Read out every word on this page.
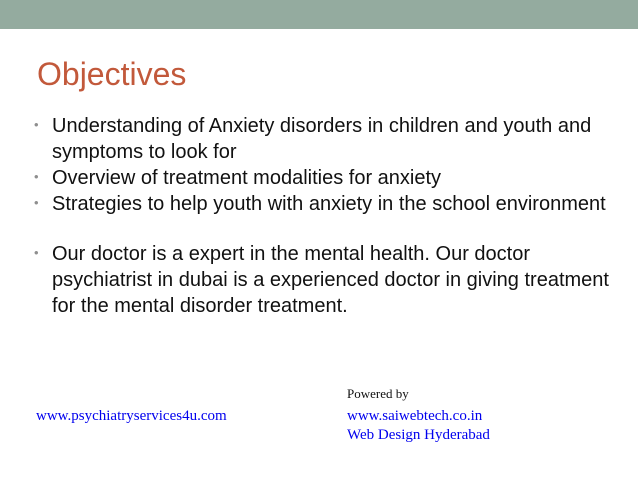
Objectives
• Understanding of Anxiety disorders in children and youth and symptoms to look for
• Overview of treatment modalities for anxiety
• Strategies to help youth with anxiety in the school environment
• Our doctor is a expert in the mental health. Our doctor psychiatrist in dubai is a experienced doctor in giving treatment for the mental disorder treatment.
www.psychiatryservices4u.com
Powered by
www.saiwebtech.co.in
Web Design Hyderabad
